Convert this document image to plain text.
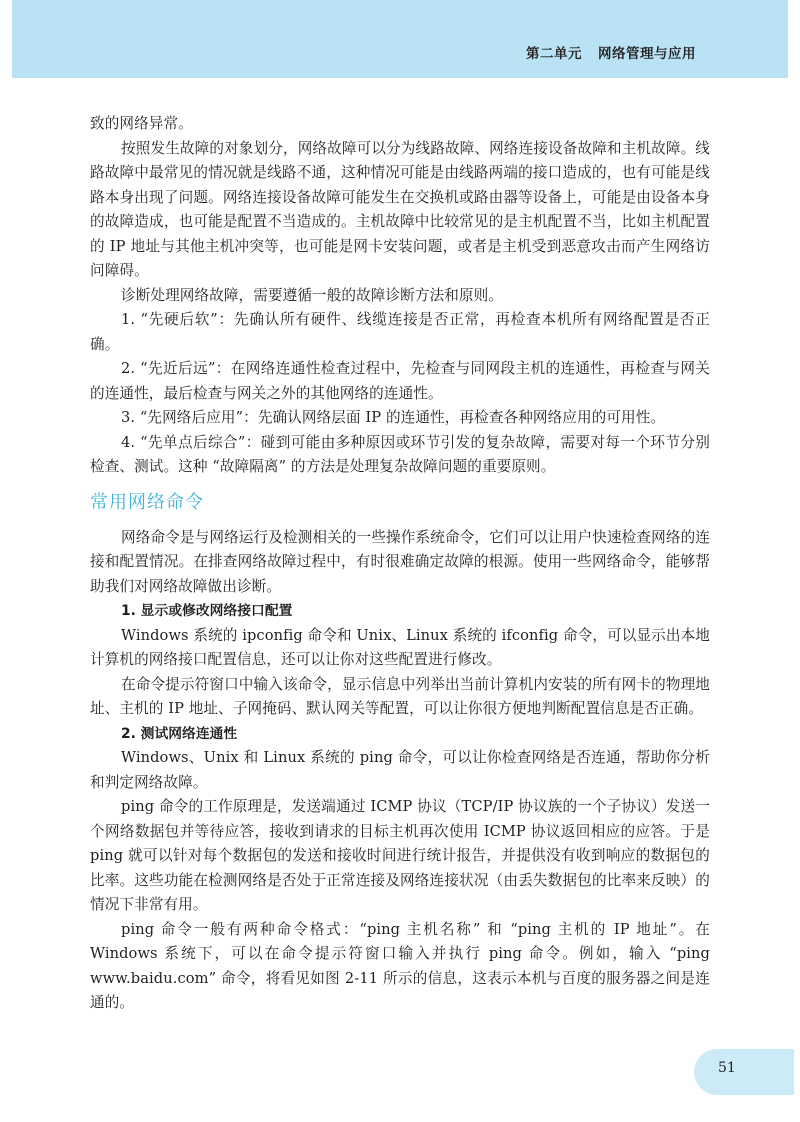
第二单元 网络管理与应用

致的网络异常。

按照发生故障的对象划分，网络故障可以分为线路故障、网络连接设备故障和主机故障。线路故障中最常见的情况就是线路不通，这种情况可能是由线路两端的接口造成的，也有可能是线路本身出现了问题。网络连接设备故障可能发生在交换机或路由器等设备上，可能是由设备本身的故障造成，也可能是配置不当造成的。主机故障中比较常见的是主机配置不当，比如主机配置的 IP 地址与其他主机冲突等，也可能是网卡安装问题，或者是主机受到恶意攻击而产生网络访问障碍。

诊断处理网络故障，需要遵循一般的故障诊断方法和原则。

1. “先硬后软”：先确认所有硬件、线缆连接是否正常，再检查本机所有网络配置是否正确。

2. “先近后远”：在网络连通性检查过程中，先检查与同网段主机的连通性，再检查与网关的连通性，最后检查与网关之外的其他网络的连通性。

3. “先网络后应用”：先确认网络层面 IP 的连通性，再检查各种网络应用的可用性。

4. “先单点后综合”：碰到可能由多种原因或环节引发的复杂故障，需要对每一个环节分别检查、测试。这种 “故障隔离” 的方法是处理复杂故障问题的重要原则。

常用网络命令

网络命令是与网络运行及检测相关的一些操作系统命令，它们可以让用户快速检查网络的连接和配置情况。在排查网络故障过程中，有时很难确定故障的根源。使用一些网络命令，能够帮助我们对网络故障做出诊断。

1. 显示或修改网络接口配置

Windows 系统的 ipconfig 命令和 Unix、Linux 系统的 ifconfig 命令，可以显示出本地计算机的网络接口配置信息，还可以让你对这些配置进行修改。

在命令提示符窗口中输入该命令，显示信息中列举出当前计算机内安装的所有网卡的物理地址、主机的 IP 地址、子网掩码、默认网关等配置，可以让你很方便地判断配置信息是否正确。

2. 测试网络连通性

Windows、Unix 和 Linux 系统的 ping 命令，可以让你检查网络是否连通，帮助你分析和判定网络故障。

ping 命令的工作原理是，发送端通过 ICMP 协议（TCP/IP 协议族的一个子协议）发送一个网络数据包并等待应答，接收到请求的目标主机再次使用 ICMP 协议返回相应的应答。于是 ping 就可以针对每个数据包的发送和接收时间进行统计报告，并提供没有收到响应的数据包的比率。这些功能在检测网络是否处于正常连接及网络连接状况（由丢失数据包的比率来反映）的情况下非常有用。

ping 命令一般有两种命令格式：“ping 主机名称” 和 “ping 主机的 IP 地址”。在 Windows 系统下，可以在命令提示符窗口输入并执行 ping 命令。例如，输入 “ping www.baidu.com” 命令，将看见如图 2-11 所示的信息，这表示本机与百度的服务器之间是连通的。

51
